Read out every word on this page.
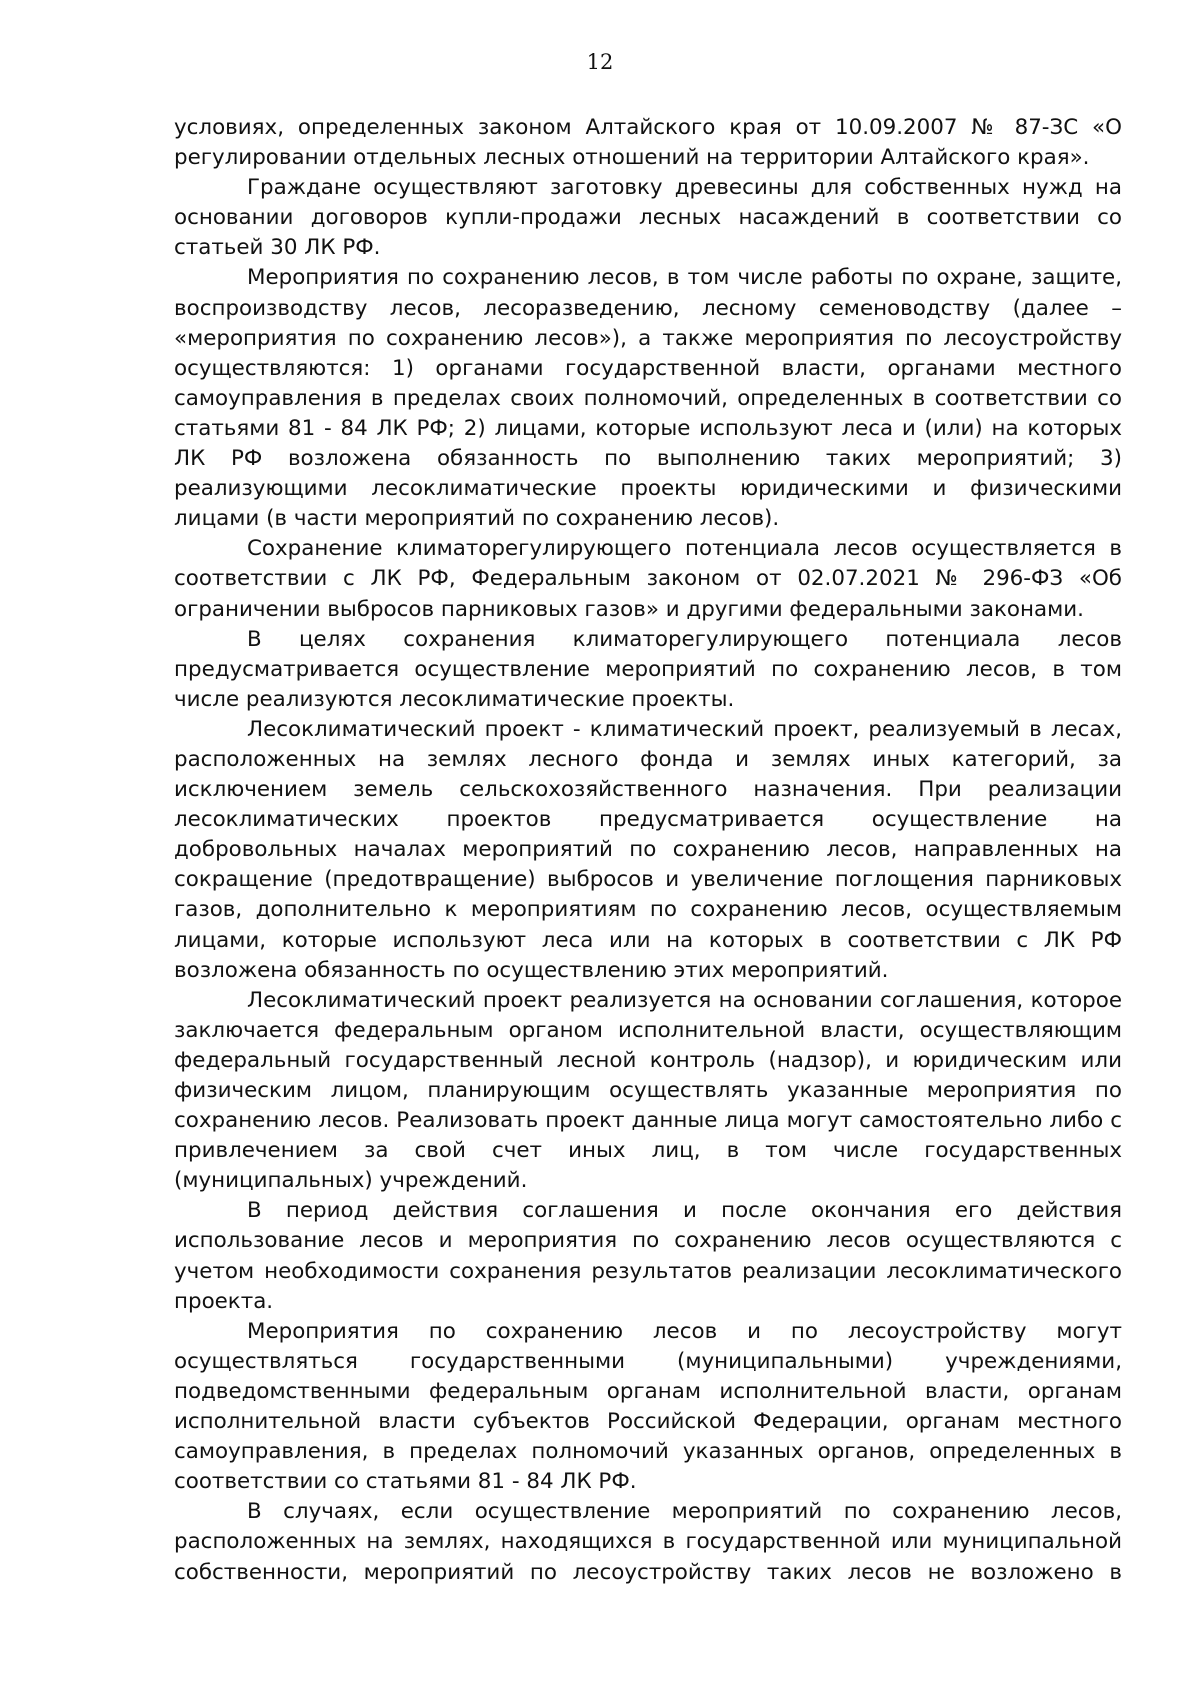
12

условиях, определенных законом Алтайского края от 10.09.2007 № 87-ЗС «О регулировании отдельных лесных отношений на территории Алтайского края».

Граждане осуществляют заготовку древесины для собственных нужд на основании договоров купли-продажи лесных насаждений в соответствии со статьей 30 ЛК РФ.

Мероприятия по сохранению лесов, в том числе работы по охране, защите, воспроизводству лесов, лесоразведению, лесному семеноводству (далее – «мероприятия по сохранению лесов»), а также мероприятия по лесоустройству осуществляются: 1) органами государственной власти, органами местного самоуправления в пределах своих полномочий, определенных в соответствии со статьями 81 - 84 ЛК РФ; 2) лицами, которые используют леса и (или) на которых ЛК РФ возложена обязанность по выполнению таких мероприятий; 3) реализующими лесоклиматические проекты юридическими и физическими лицами (в части мероприятий по сохранению лесов).

Сохранение климаторегулирующего потенциала лесов осуществляется в соответствии с ЛК РФ, Федеральным законом от 02.07.2021 № 296-ФЗ «Об ограничении выбросов парниковых газов» и другими федеральными законами.

В целях сохранения климаторегулирующего потенциала лесов предусматривается осуществление мероприятий по сохранению лесов, в том числе реализуются лесоклиматические проекты.

Лесоклиматический проект - климатический проект, реализуемый в лесах, расположенных на землях лесного фонда и землях иных категорий, за исключением земель сельскохозяйственного назначения. При реализации лесоклиматических проектов предусматривается осуществление на добровольных началах мероприятий по сохранению лесов, направленных на сокращение (предотвращение) выбросов и увеличение поглощения парниковых газов, дополнительно к мероприятиям по сохранению лесов, осуществляемым лицами, которые используют леса или на которых в соответствии с ЛК РФ возложена обязанность по осуществлению этих мероприятий.

Лесоклиматический проект реализуется на основании соглашения, которое заключается федеральным органом исполнительной власти, осуществляющим федеральный государственный лесной контроль (надзор), и юридическим или физическим лицом, планирующим осуществлять указанные мероприятия по сохранению лесов. Реализовать проект данные лица могут самостоятельно либо с привлечением за свой счет иных лиц, в том числе государственных (муниципальных) учреждений.

В период действия соглашения и после окончания его действия использование лесов и мероприятия по сохранению лесов осуществляются с учетом необходимости сохранения результатов реализации лесоклиматического проекта.

Мероприятия по сохранению лесов и по лесоустройству могут осуществляться государственными (муниципальными) учреждениями, подведомственными федеральным органам исполнительной власти, органам исполнительной власти субъектов Российской Федерации, органам местного самоуправления, в пределах полномочий указанных органов, определенных в соответствии со статьями 81 - 84 ЛК РФ.

В случаях, если осуществление мероприятий по сохранению лесов, расположенных на землях, находящихся в государственной или муниципальной собственности, мероприятий по лесоустройству таких лесов не возложено в
